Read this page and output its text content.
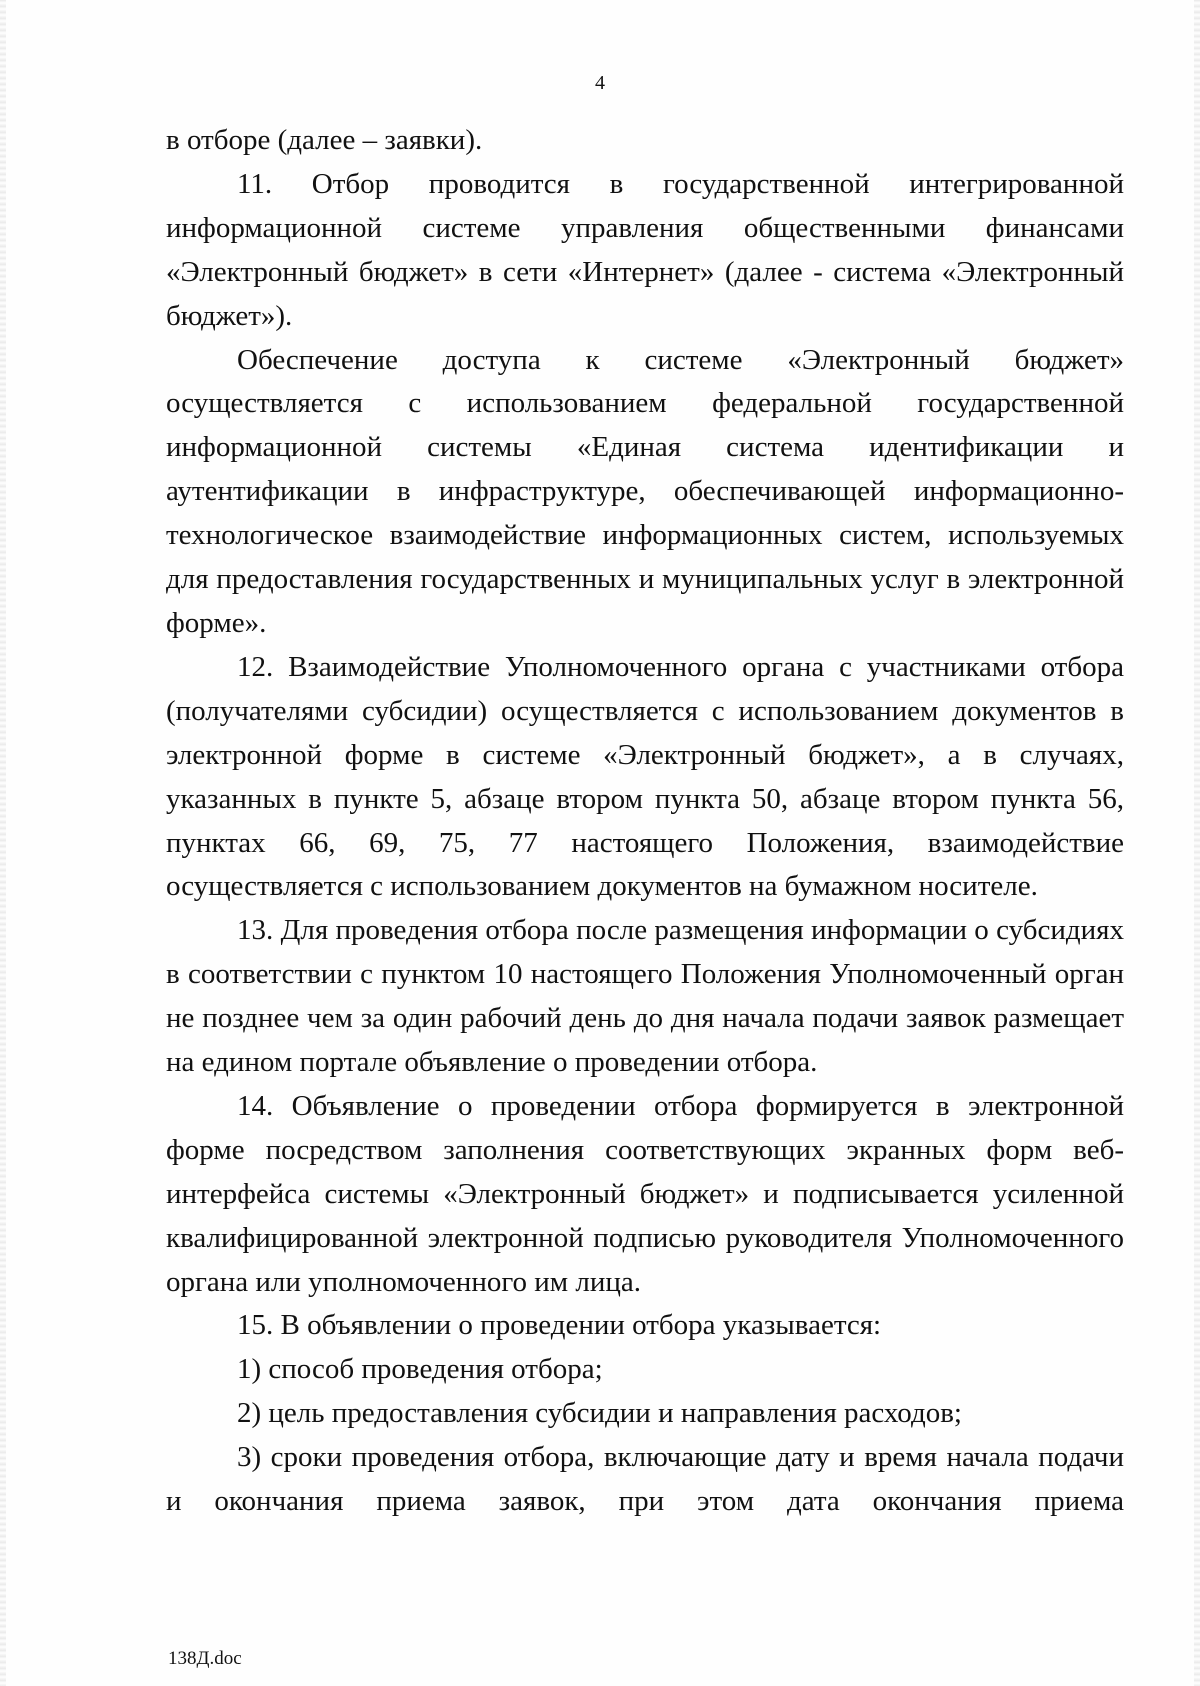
4

в отборе (далее – заявки).

11. Отбор проводится в государственной интегрированной информационной системе управления общественными финансами «Электронный бюджет» в сети «Интернет» (далее - система «Электронный бюджет»).

Обеспечение доступа к системе «Электронный бюджет» осуществляется с использованием федеральной государственной информационной системы «Единая система идентификации и аутентификации в инфраструктуре, обеспечивающей информационно-технологическое взаимодействие информационных систем, используемых для предоставления государственных и муниципальных услуг в электронной форме».

12. Взаимодействие Уполномоченного органа с участниками отбора (получателями субсидии) осуществляется с использованием документов в электронной форме в системе «Электронный бюджет», а в случаях, указанных в пункте 5, абзаце втором пункта 50, абзаце втором пункта 56, пунктах 66, 69, 75, 77 настоящего Положения, взаимодействие осуществляется с использованием документов на бумажном носителе.

13. Для проведения отбора после размещения информации о субсидиях в соответствии с пунктом 10 настоящего Положения Уполномоченный орган не позднее чем за один рабочий день до дня начала подачи заявок размещает на едином портале объявление о проведении отбора.

14. Объявление о проведении отбора формируется в электронной форме посредством заполнения соответствующих экранных форм веб-интерфейса системы «Электронный бюджет» и подписывается усиленной квалифицированной электронной подписью руководителя Уполномоченного органа или уполномоченного им лица.

15. В объявлении о проведении отбора указывается:

1) способ проведения отбора;

2) цель предоставления субсидии и направления расходов;

3) сроки проведения отбора, включающие дату и время начала подачи и окончания приема заявок, при этом дата окончания приема

138Д.doc
